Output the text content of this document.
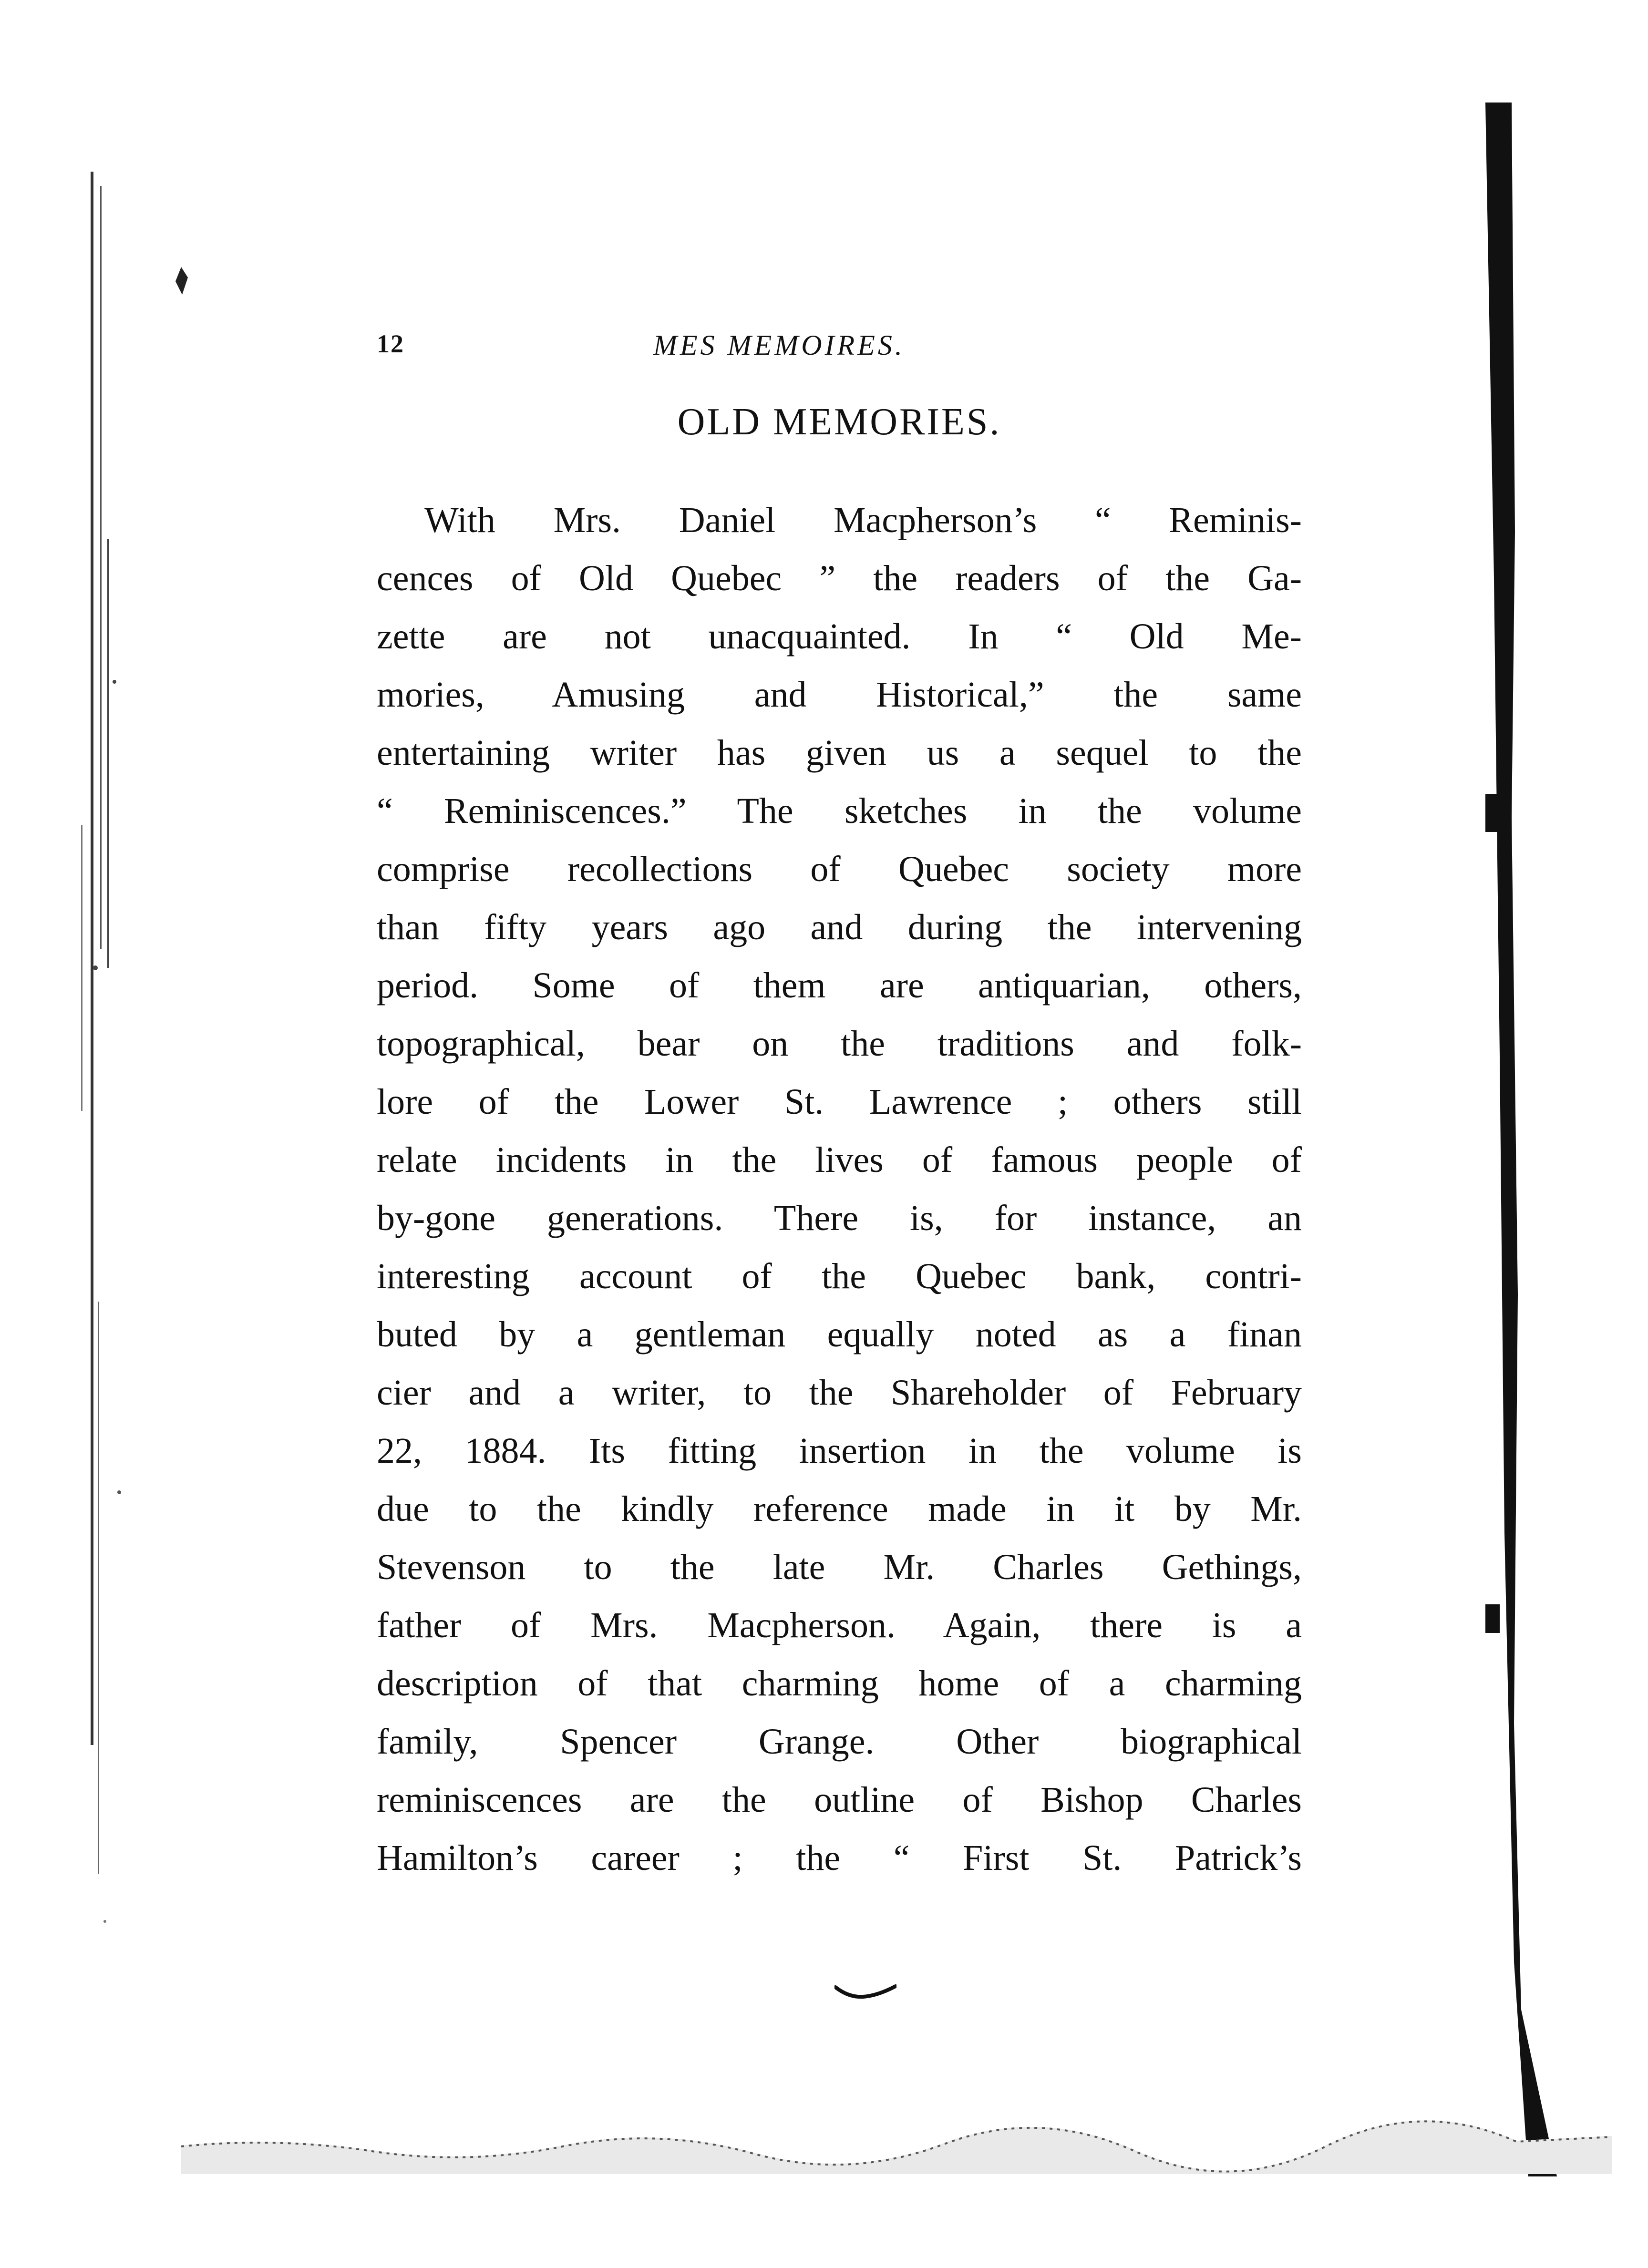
12	MES MEMOIRES.
OLD MEMORIES.
With Mrs. Daniel Macpherson’s “ Reminis-
cences of Old Quebec ” the readers of the Ga-
zette are not unacquainted. In “ Old Me-
mories, Amusing and Historical,” the same
entertaining writer has given us a sequel to the
“ Reminiscences.” The sketches in the volume
comprise recollections of Quebec society more
than fifty years ago and during the intervening
period. Some of them are antiquarian, others,
topographical, bear on the traditions and folk-
lore of the Lower St. Lawrence ; others still
relate incidents in the lives of famous people of
by-gone generations. There is, for instance, an
interesting account of the Quebec bank, contri-
buted by a gentleman equally noted as a finan
cier and a writer, to the Shareholder of February
22, 1884. Its fitting insertion in the volume is
due to the kindly reference made in it by Mr.
Stevenson to the late Mr. Charles Gethings,
father of Mrs. Macpherson. Again, there is a
description of that charming home of a charming
family, Spencer Grange. Other biographical
reminiscences are the outline of Bishop Charles
Hamilton’s career ; the “ First St. Patrick’s
